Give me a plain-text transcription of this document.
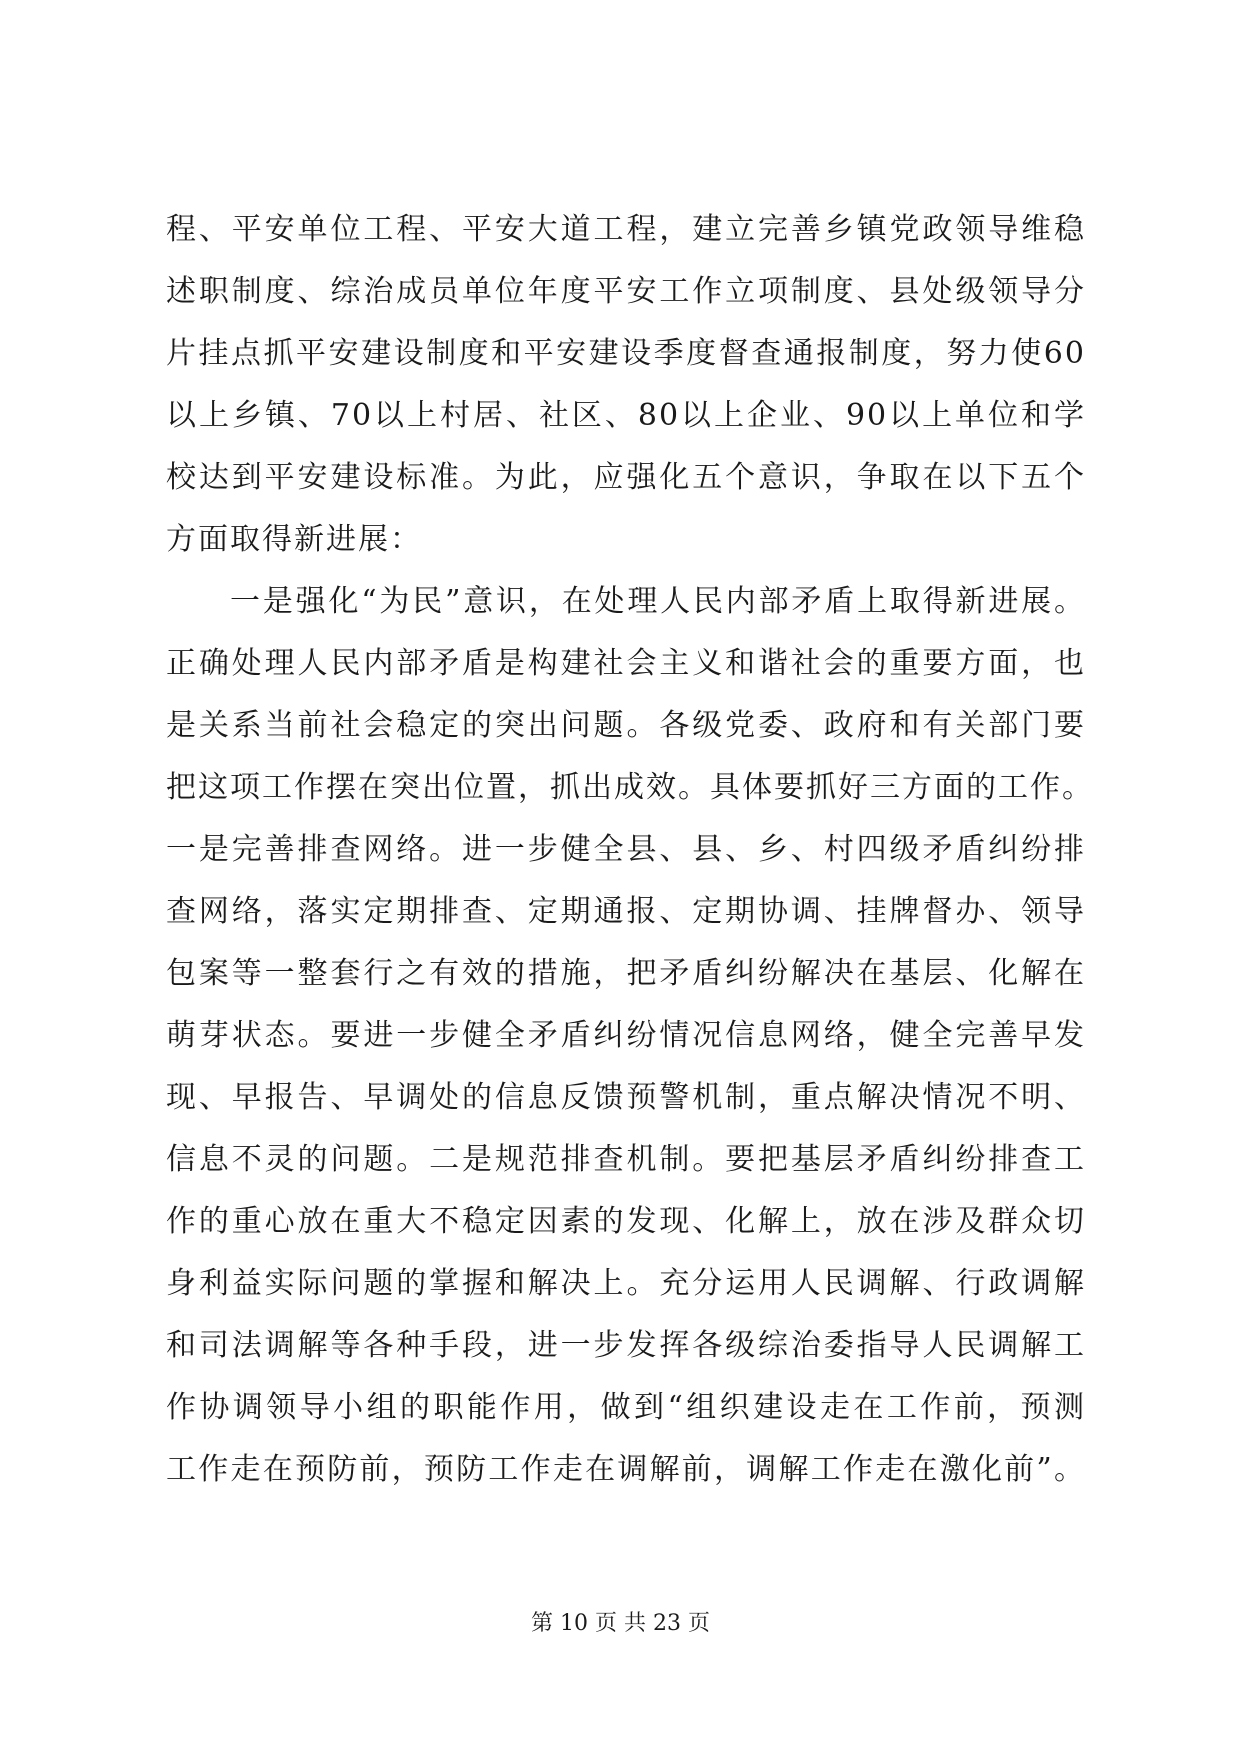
程、平安单位工程、平安大道工程，建立完善乡镇党政领导维稳
述职制度、综治成员单位年度平安工作立项制度、县处级领导分
片挂点抓平安建设制度和平安建设季度督查通报制度，努力使60
以上乡镇、70以上村居、社区、80以上企业、90以上单位和学
校达到平安建设标准。为此，应强化五个意识，争取在以下五个
方面取得新进展：
一是强化“为民”意识，在处理人民内部矛盾上取得新进展。
正确处理人民内部矛盾是构建社会主义和谐社会的重要方面，也
是关系当前社会稳定的突出问题。各级党委、政府和有关部门要
把这项工作摆在突出位置，抓出成效。具体要抓好三方面的工作。
一是完善排查网络。进一步健全县、县、乡、村四级矛盾纠纷排
查网络，落实定期排查、定期通报、定期协调、挂牌督办、领导
包案等一整套行之有效的措施，把矛盾纠纷解决在基层、化解在
萌芽状态。要进一步健全矛盾纠纷情况信息网络，健全完善早发
现、早报告、早调处的信息反馈预警机制，重点解决情况不明、
信息不灵的问题。二是规范排查机制。要把基层矛盾纠纷排查工
作的重心放在重大不稳定因素的发现、化解上，放在涉及群众切
身利益实际问题的掌握和解决上。充分运用人民调解、行政调解
和司法调解等各种手段，进一步发挥各级综治委指导人民调解工
作协调领导小组的职能作用，做到“组织建设走在工作前，预测
工作走在预防前，预防工作走在调解前，调解工作走在激化前”。
第 10 页 共 23 页
